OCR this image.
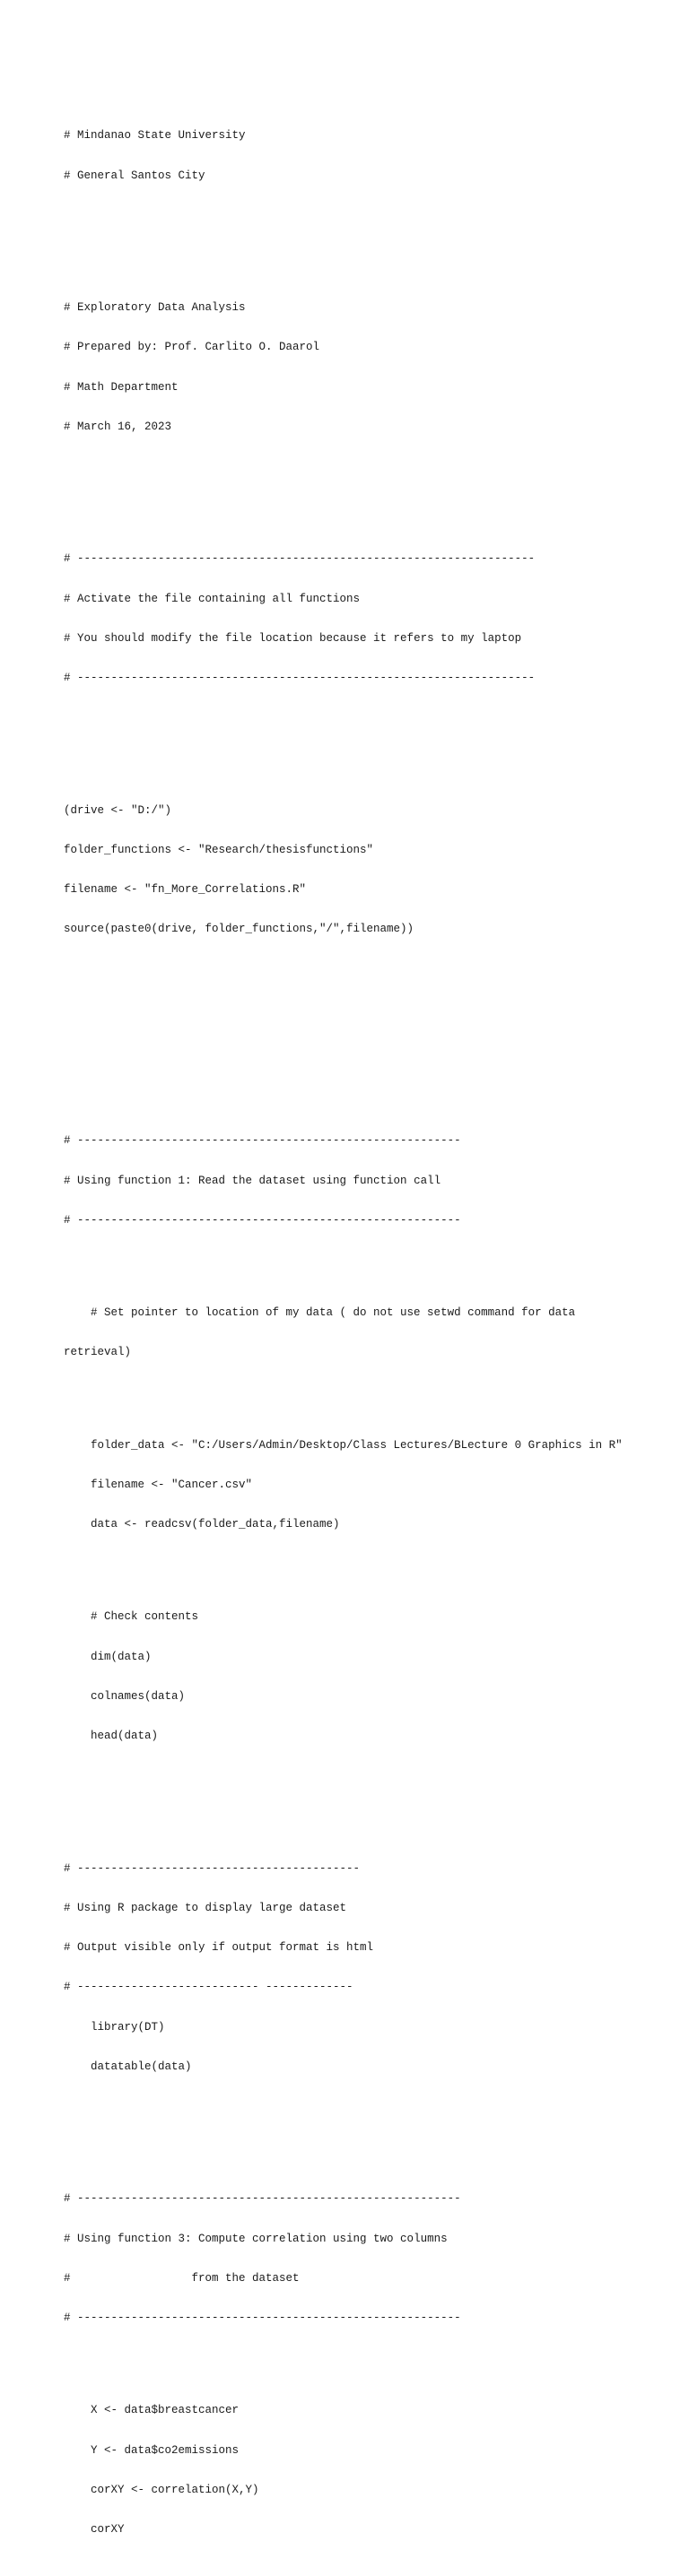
# Mindanao State University

# General Santos City

# Exploratory Data Analysis

# Prepared by: Prof. Carlito O. Daarol

# Math Department

# March 16, 2023

# --------------------------------------------------------------------

# Activate the file containing all functions

# You should modify the file location because it refers to my laptop

# --------------------------------------------------------------------

(drive <- "D:/")

folder_functions <- "Research/thesisfunctions"

filename <- "fn_More_Correlations.R"

source(paste0(drive, folder_functions,"/",filename))

# ---------------------------------------------------------

# Using function 1: Read the dataset using function call

# ---------------------------------------------------------

# Set pointer to location of my data ( do not use setwd command for data

retrieval)

folder_data <- "C:/Users/Admin/Desktop/Class Lectures/BLecture 0 Graphics in R"

filename <- "Cancer.csv"

data <- readcsv(folder_data,filename)

# Check contents

dim(data)

colnames(data)

head(data)

# ------------------------------------------

# Using R package to display large dataset

# Output visible only if output format is html

# --------------------------- -------------

library(DT)

datatable(data)

# ---------------------------------------------------------

# Using function 3: Compute correlation using two columns

#                  from the dataset

# ---------------------------------------------------------

X <- data$breastcancer

Y <- data$co2emissions

corXY <- correlation(X,Y)

corXY
